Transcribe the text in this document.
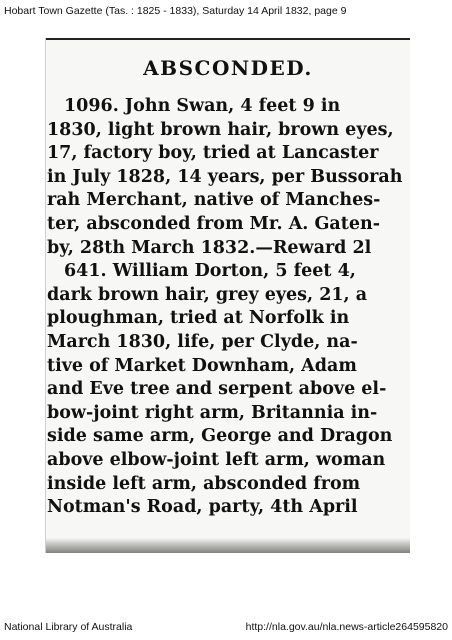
Hobart Town Gazette (Tas. : 1825 - 1833), Saturday 14 April 1832, page 9
ABSCONDED.
1096. John Swan, 4 feet 9 in
1830, light brown hair, brown eyes,
17, factory boy, tried at Lancaster
in July 1828, 14 years, per Bussorah
rah Merchant, native of Manches-
ter, absconded from Mr. A. Gaten-
by, 28th March 1832.—Reward 2l
641. William Dorton, 5 feet 4,
dark brown hair, grey eyes, 21, a
ploughman, tried at Norfolk in
March 1830, life, per Clyde, na-
tive of Market Downham, Adam
and Eve tree and serpent above el-
bow-joint right arm, Britannia in-
side same arm, George and Dragon
above elbow-joint left arm, woman
inside left arm, absconded from
Notman's Road, party, 4th April
National Library of Australia	http://nla.gov.au/nla.news-article264595820
